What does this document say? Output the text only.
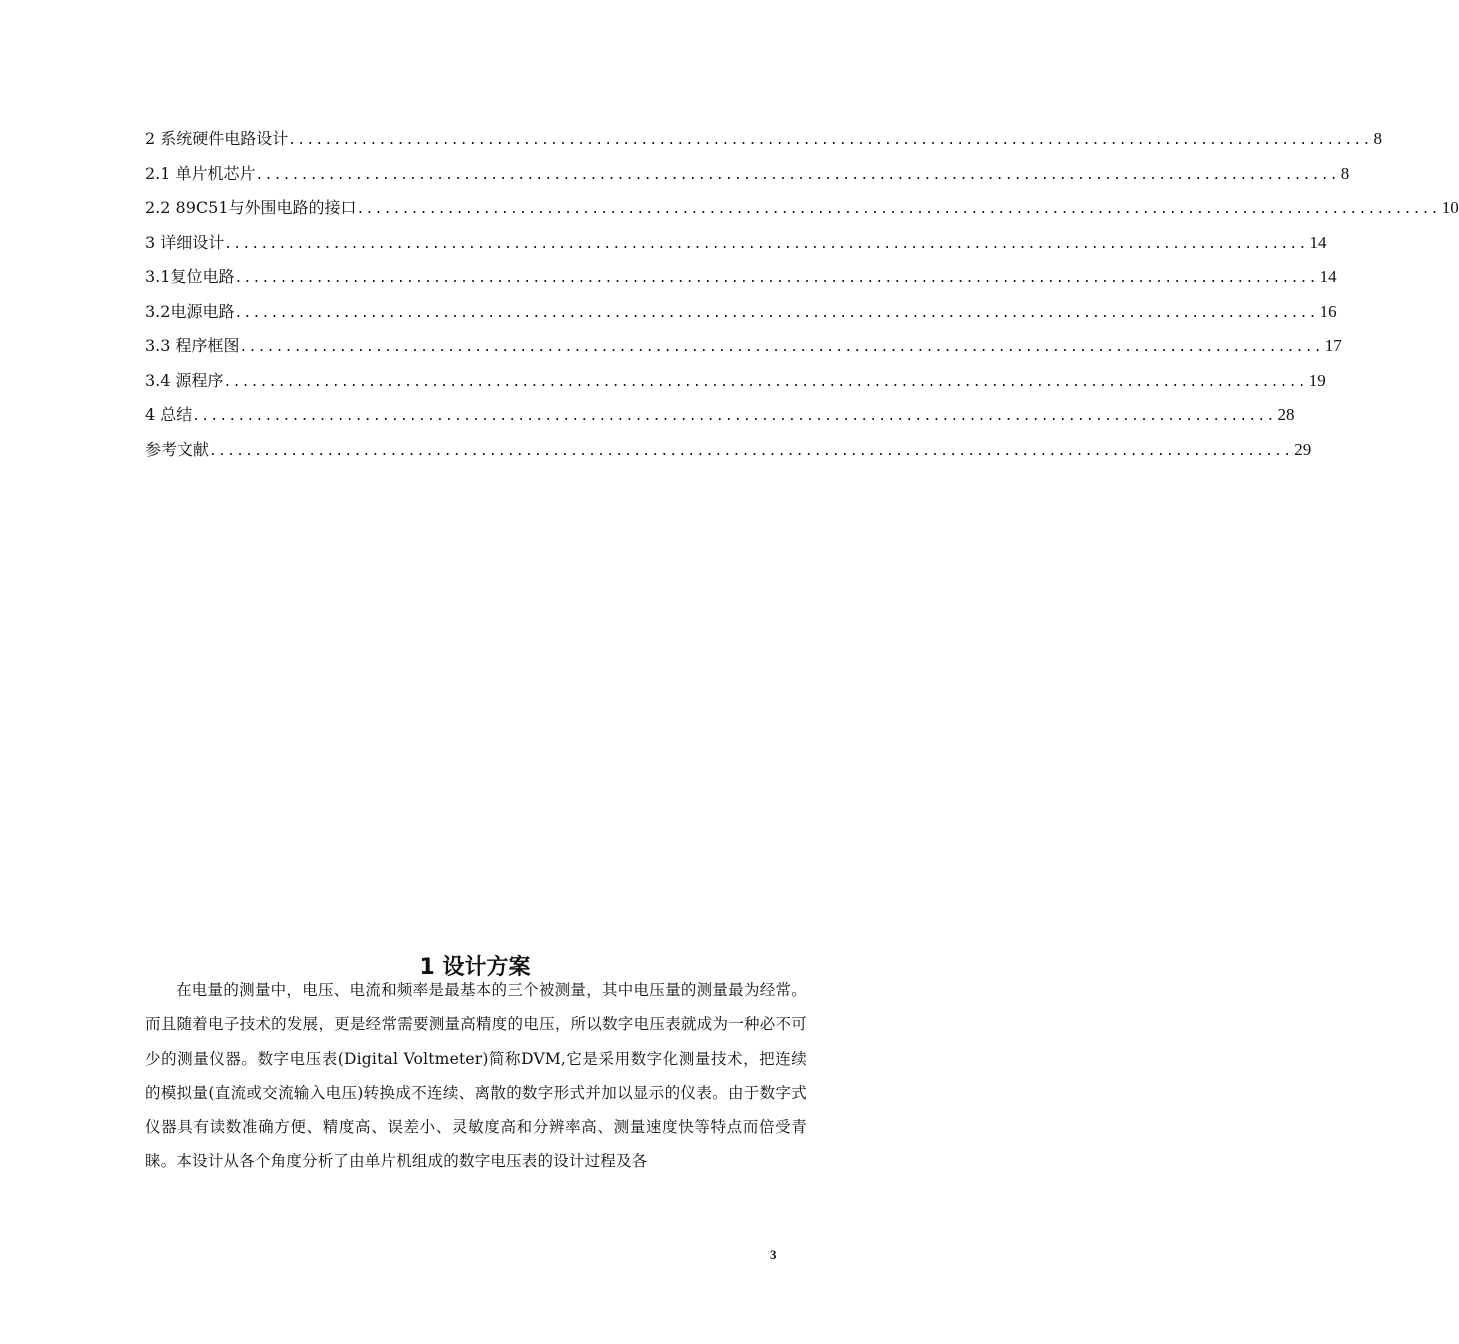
2 系统硬件电路设计 ........................................................................................................................ 8
2.1 单片机芯片 ........................................................................................................................ 8
2.2 89C51与外围电路的接口 ........................................................................................................................ 10
3 详细设计 ........................................................................................................................ 14
3.1复位电路 ........................................................................................................................ 14
3.2电源电路 ........................................................................................................................ 16
3.3 程序框图 ........................................................................................................................ 17
3.4 源程序 ........................................................................................................................ 19
4 总结 ........................................................................................................................ 28
参考文献 ........................................................................................................................ 29
1 设计方案
在电量的测量中，电压、电流和频率是最基本的三个被测量，其中电压量的测量最为经常。而且随着电子技术的发展，更是经常需要测量高精度的电压，所以数字电压表就成为一种必不可少的测量仪器。数字电压表(Digital Voltmeter)简称DVM,它是采用数字化测量技术，把连续的模拟量(直流或交流输入电压)转换成不连续、离散的数字形式并加以显示的仪表。由于数字式仪器具有读数准确方便、精度高、误差小、灵敏度高和分辨率高、测量速度快等特点而倍受青睐。本设计从各个角度分析了由单片机组成的数字电压表的设计过程及各
3
